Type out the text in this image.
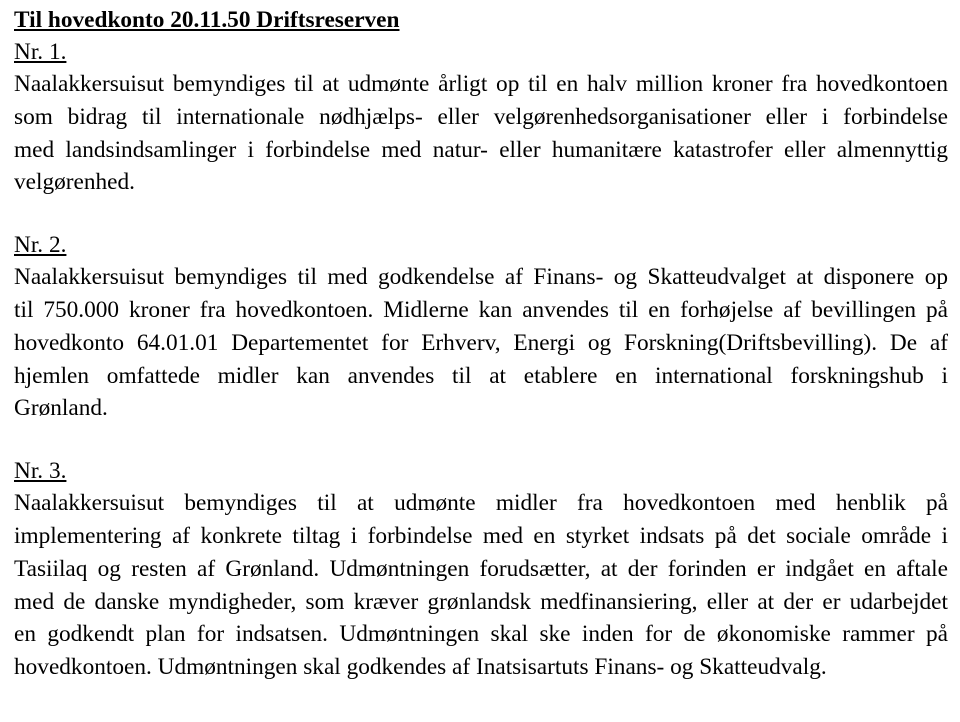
Til hovedkonto 20.11.50 Driftsreserven
Nr. 1.

Naalakkersuisut bemyndiges til at udmønte årligt op til en halv million kroner fra hovedkontoen
som bidrag til internationale nødhjælps- eller velgørenhedsorganisationer eller i forbindelse
med landsindsamlinger i forbindelse med natur- eller humanitære katastrofer eller almennyttig
velgørenhed.

Nr. 2.

Naalakkersuisut bemyndiges til med godkendelse af Finans- og Skatteudvalget at disponere op
til 750.000 kroner fra hovedkontoen. Midlerne kan anvendes til en forhøjelse af bevillingen på
hovedkonto 64.01.01 Departementet for Erhverv, Energi og Forskning(Driftsbevilling). De af
hjemlen omfattede midler kan anvendes til at etablere en international forskningshub i
Grønland.

Nr. 3.

Naalakkersuisut bemyndiges til at udmønte midler fra hovedkontoen med henblik på
implementering af konkrete tiltag i forbindelse med en styrket indsats på det sociale område i
Tasiilaq og resten af Grønland. Udmøntningen forudsætter, at der forinden er indgået en aftale
med de danske myndigheder, som kræver grønlandsk medfinansiering, eller at der er udarbejdet
en godkendt plan for indsatsen. Udmøntningen skal ske inden for de økonomiske rammer på
hovedkontoen. Udmøntningen skal godkendes af Inatsisartuts Finans- og Skatteudvalg.
